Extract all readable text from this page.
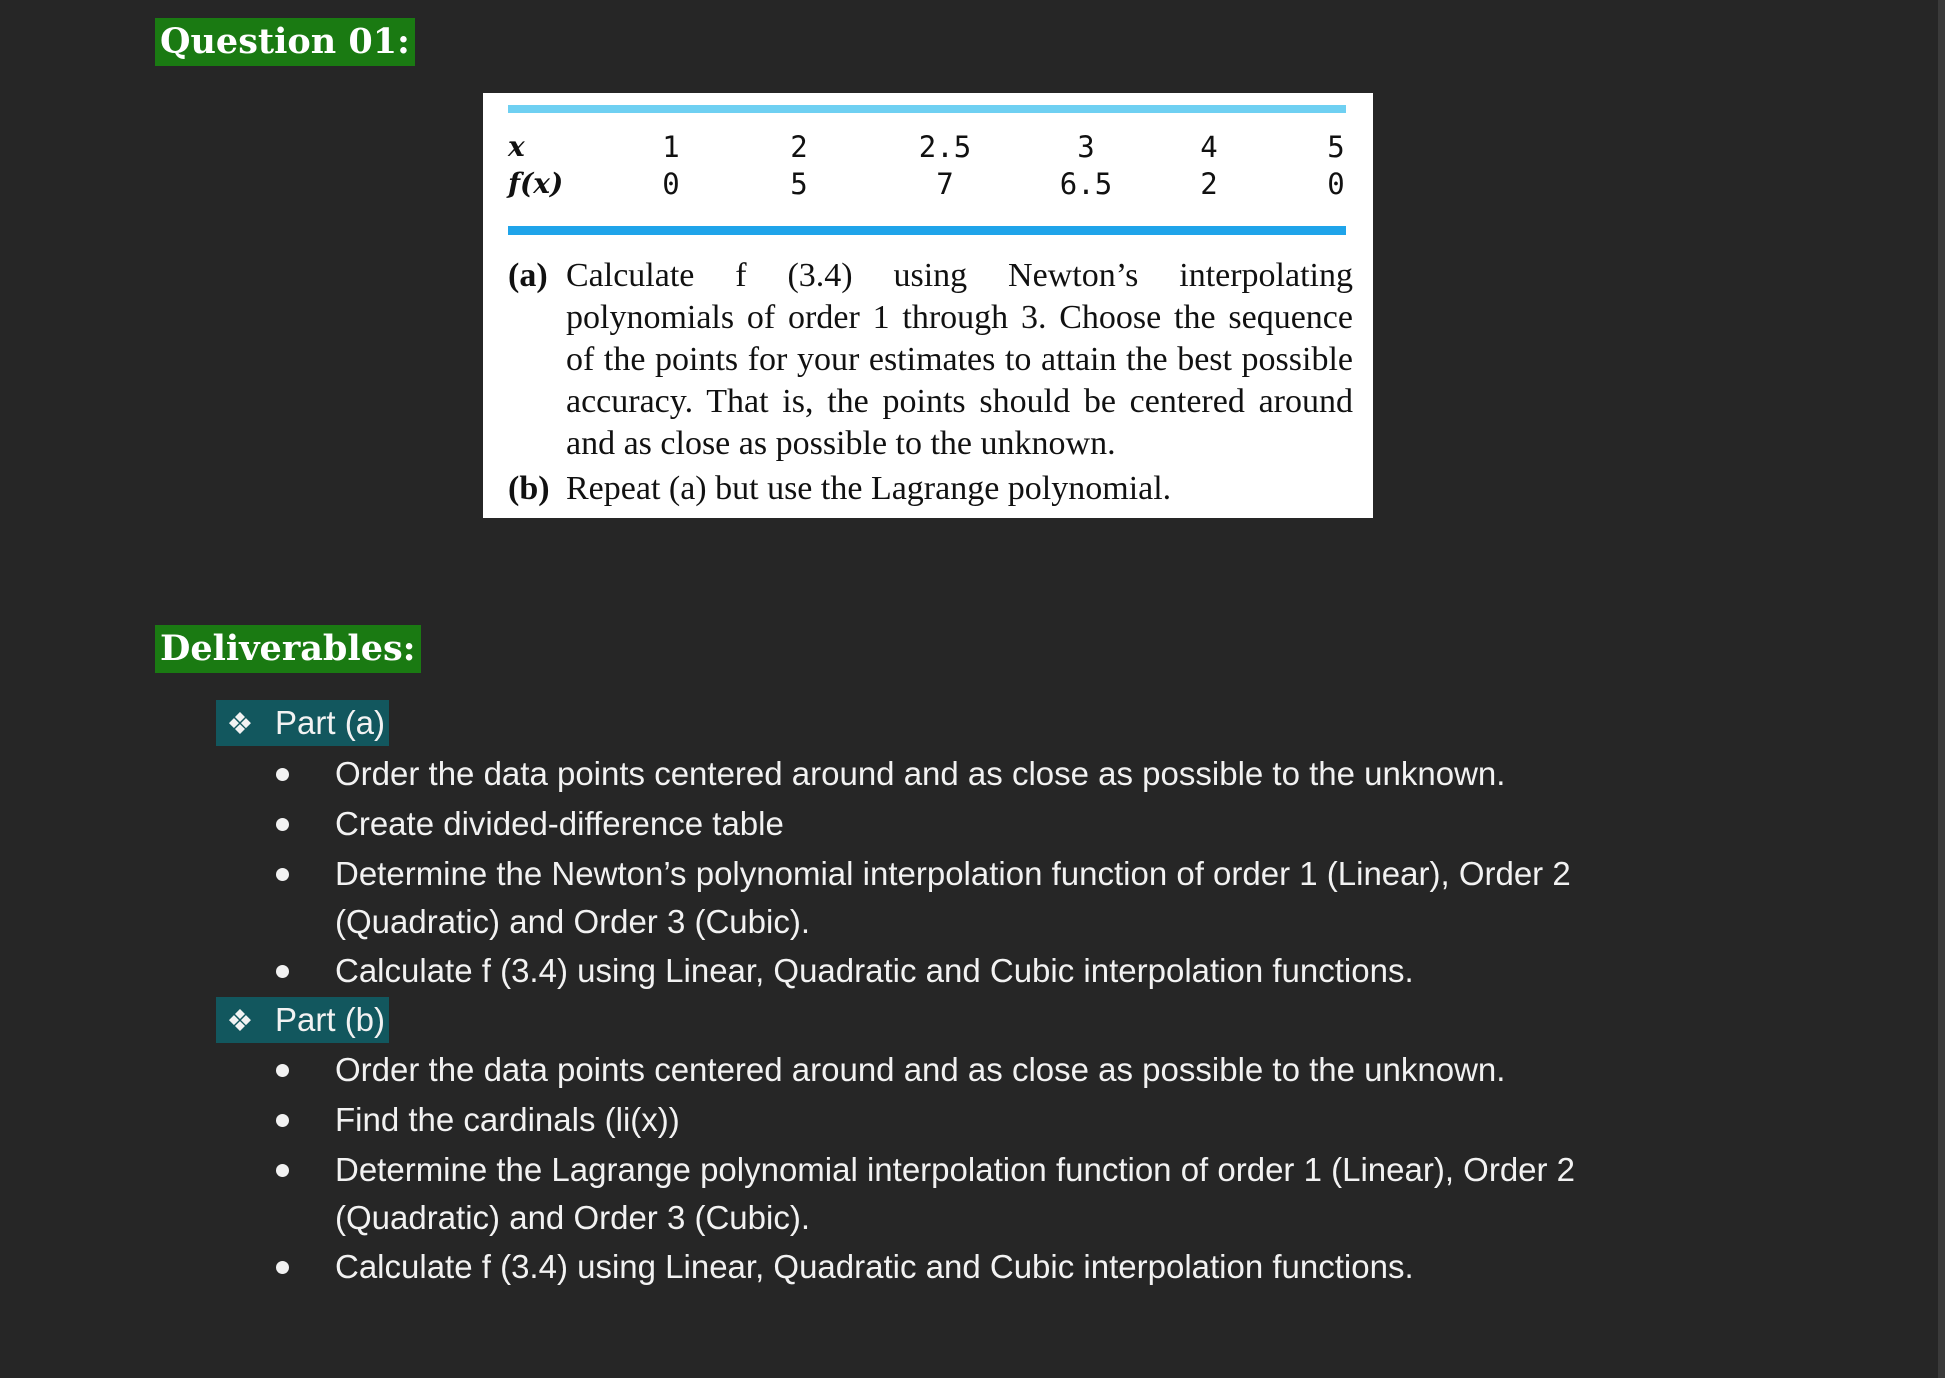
Question 01:
x	1	2	2.5	3	4	5
f(x)	0	5	7	6.5	2	0
(a) Calculate f (3.4) using Newton’s interpolating polynomials of order 1 through 3. Choose the sequence of the points for your estimates to attain the best possible accuracy. That is, the points should be centered around and as close as possible to the unknown.
(b) Repeat (a) but use the Lagrange polynomial.
Deliverables:
❖ Part (a)
Order the data points centered around and as close as possible to the unknown.
Create divided-difference table
Determine the Newton’s polynomial interpolation function of order 1 (Linear), Order 2 (Quadratic) and Order 3 (Cubic).
Calculate f (3.4) using Linear, Quadratic and Cubic interpolation functions.
❖ Part (b)
Order the data points centered around and as close as possible to the unknown.
Find the cardinals (li(x))
Determine the Lagrange polynomial interpolation function of order 1 (Linear), Order 2 (Quadratic) and Order 3 (Cubic).
Calculate f (3.4) using Linear, Quadratic and Cubic interpolation functions.
